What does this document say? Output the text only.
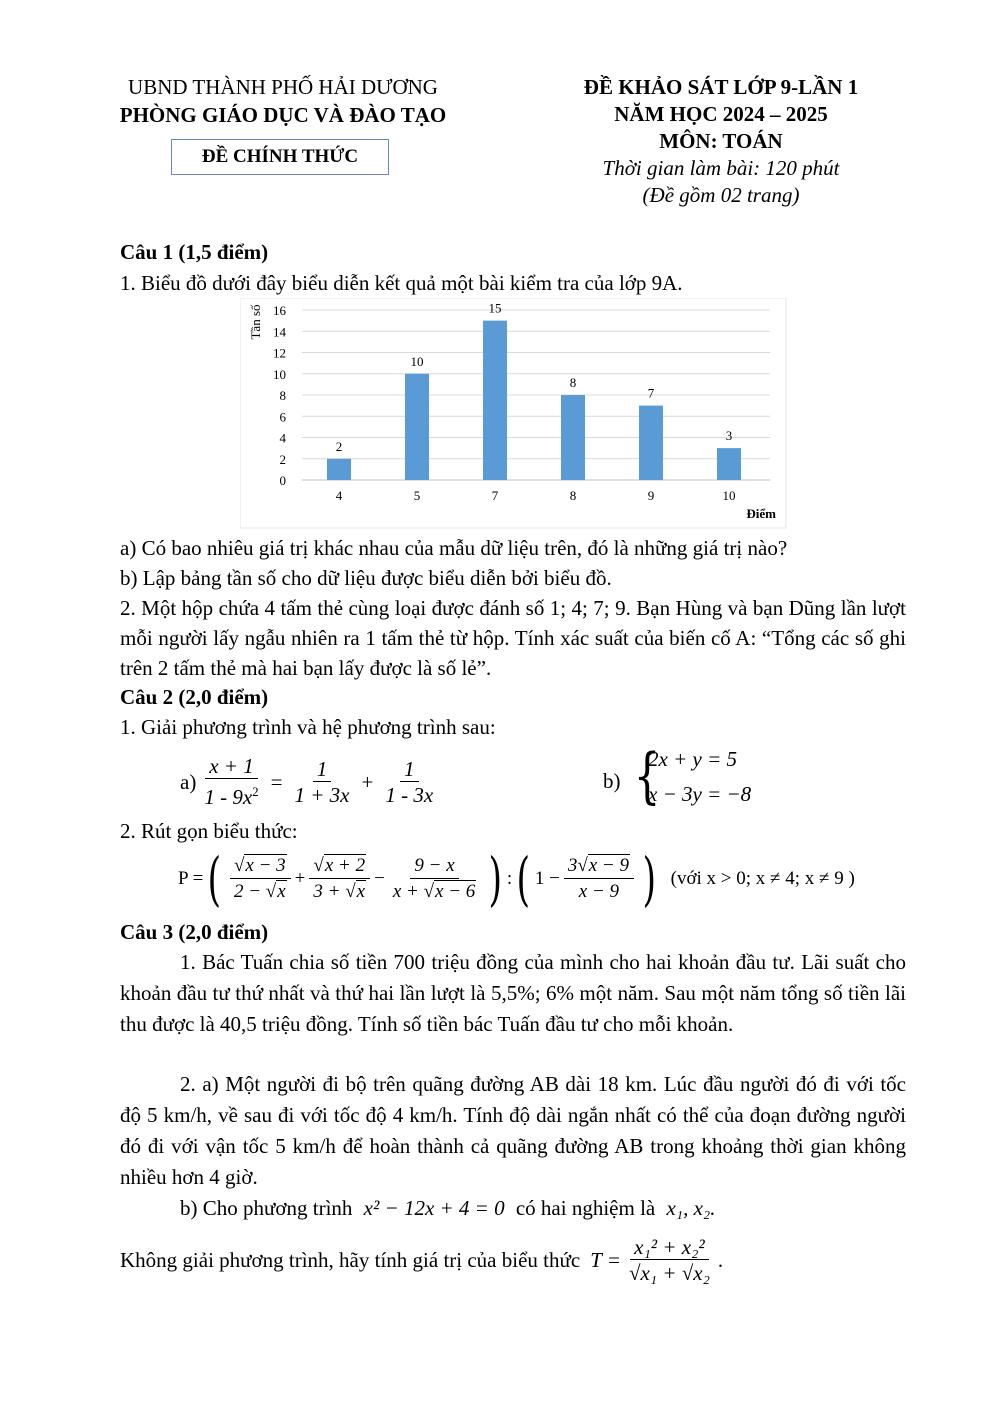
UBND THÀNH PHỐ HẢI DƯƠNG
PHÒNG GIÁO DỤC VÀ ĐÀO TẠO
ĐỀ CHÍNH THỨC
ĐỀ KHẢO SÁT LỚP 9-LẦN 1
NĂM HỌC 2024 – 2025
MÔN: TOÁN
Thời gian làm bài: 120 phút
(Đề gồm 02 trang)
Câu 1 (1,5 điểm)
1. Biểu đồ dưới đây biểu diễn kết quả một bài kiểm tra của lớp 9A.
0
2
4
6
8
10
12
14
16
2
10
15
8
7
3
4	5	7	8	9	10
Tần số
Điểm
a) Có bao nhiêu giá trị khác nhau của mẫu dữ liệu trên, đó là những giá trị nào?
b) Lập bảng tần số cho dữ liệu được biểu diễn bởi biểu đồ.
2. Một hộp chứa 4 tấm thẻ cùng loại được đánh số 1; 4; 7; 9. Bạn Hùng và bạn Dũng lần lượt mỗi người lấy ngẫu nhiên ra 1 tấm thẻ từ hộp. Tính xác suất của biến cố A: “Tổng các số ghi trên 2 tấm thẻ mà hai bạn lấy được là số lẻ”.
Câu 2 (2,0 điểm)
1. Giải phương trình và hệ phương trình sau:
$a) \frac{x + 1}{1 - 9x^2} = \frac{1}{1 + 3x} + \frac{1}{1 - 3x}$	b) {
2x + y = 5
x − 3y = −8
2. Rút gọn biểu thức:
P = ( $\frac{√x - 3}{2 - √x} + \frac{√x + 2}{3 + √x} - \frac{9 - x}{x + √x - 6}$ ) : ( $1 - \frac{3√x - 9}{x - 9}$ ) (với x > 0; x ≠ 4; x ≠ 9 )
Câu 3 (2,0 điểm)
1. Bác Tuấn chia số tiền 700 triệu đồng của mình cho hai khoản đầu tư. Lãi suất cho khoản đầu tư thứ nhất và thứ hai lần lượt là 5,5%; 6% một năm. Sau một năm tổng số tiền lãi thu được là 40,5 triệu đồng. Tính số tiền bác Tuấn đầu tư cho mỗi khoản.
2. a) Một người đi bộ trên quãng đường AB dài 18 km. Lúc đầu người đó đi với tốc độ 5 km/h, về sau đi với tốc độ 4 km/h. Tính độ dài ngắn nhất có thể của đoạn đường người đó đi với vận tốc 5 km/h để hoàn thành cả quãng đường AB trong khoảng thời gian không nhiều hơn 4 giờ.
b) Cho phương trình x² − 12x + 4 = 0 có hai nghiệm là x₁, x₂.
Không giải phương trình, hãy tính giá trị của biểu thức $T = \frac{\text{x₁² + x₂²}}{\text{√x₁ + √x₂}}$ .
